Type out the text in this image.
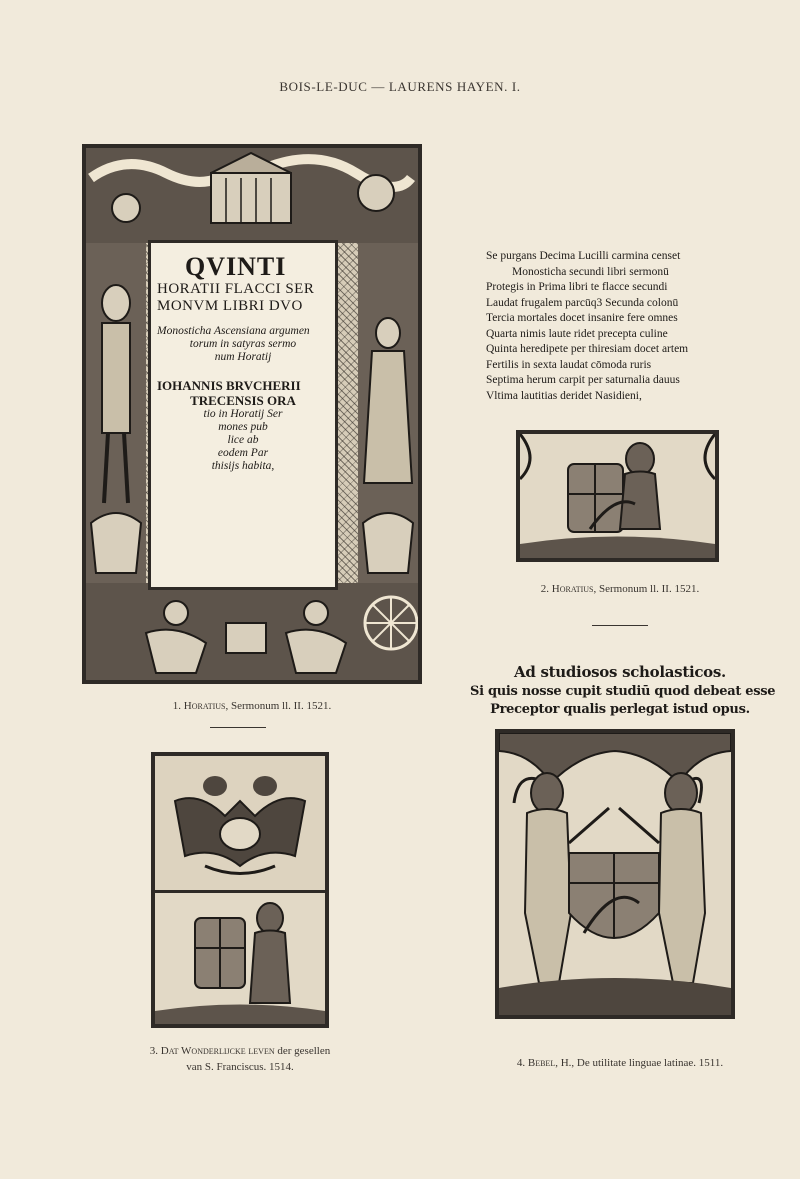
BOIS-LE-DUC — LAURENS HAYEN. I.
QVINTI
HORATII FLACCI SER
MONVM LIBRI DVO
Monosticha Ascensiana argumen
torum in satyras sermo
num Horatij
IOHANNIS BRVCHERII
TRECENSIS ORA
tio in Horatij Ser
mones pub
lice ab
eodem Par
thisijs habita,
1. Horatius, Sermonum ll. II. 1521.
Se purgans Decima Lucilli carmina censet
Monosticha secundi libri sermonū
Protegis in Prima libri te flacce secundi
Laudat frugalem parcūq3 Secunda colonū
Tercia mortales docet insanire fere omnes
Quarta nimis laute ridet precepta culine
Quinta heredipete per thiresiam docet artem
Fertilis in sexta laudat cōmoda ruris
Septima herum carpit per saturnalia dauus
Vltima lautitias deridet Nasidieni,
2. Horatius, Sermonum ll. II. 1521.
Ad studiosos scholasticos.
Si quis nosse cupit studiū quod debeat esse
Preceptor qualis perlegat istud opus.
3. Dat Wonderlijcke leven der gesellen
van S. Franciscus. 1514.	4. Bebel, H., De utilitate linguae latinae. 1511.
